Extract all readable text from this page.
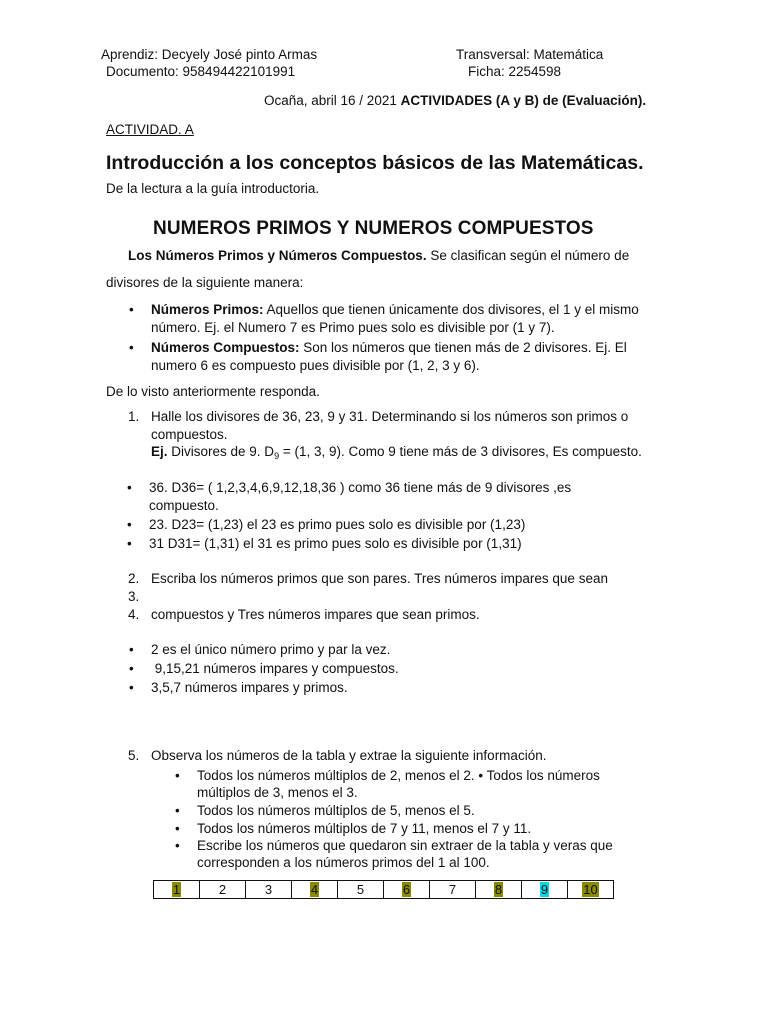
Aprendiz: Decyely José pinto Armas
Documento: 958494422101991
Transversal: Matemática
Ficha: 2254598
Ocaña, abril 16 / 2021 ACTIVIDADES (A y B) de (Evaluación).
ACTIVIDAD. A
Introducción a los conceptos básicos de las Matemáticas.
De la lectura a la guía introductoria.
NUMEROS PRIMOS Y NUMEROS COMPUESTOS
Los Números Primos y Números Compuestos. Se clasifican según el número de
divisores de la siguiente manera:
• Números Primos: Aquellos que tienen únicamente dos divisores, el 1 y el mismo
número. Ej. el Numero 7 es Primo pues solo es divisible por (1 y 7).
• Números Compuestos: Son los números que tienen más de 2 divisores. Ej. El
numero 6 es compuesto pues divisible por (1, 2, 3 y 6).
De lo visto anteriormente responda.
1. Halle los divisores de 36, 23, 9 y 31. Determinando si los números son primos o
compuestos.
Ej. Divisores de 9. $D_9 = (1$, 3, 9). Como 9 tiene más de 3 divisores, Es compuesto.
• 36. D36= ( 1,2,3,4,6,9,12,18,36 ) como 36 tiene más de 9 divisores ,es
compuesto.
• 23. D23= (1,23) el 23 es primo pues solo es divisible por (1,23)
• 31 D31= (1,31) el 31 es primo pues solo es divisible por (1,31)
2. Escriba los números primos que son pares. Tres números impares que sean
3.
4. compuestos y Tres números impares que sean primos.
• 2 es el único número primo y par la vez.
• 9,15,21 números impares y compuestos.
• 3,5,7 números impares y primos.
5. Observa los números de la tabla y extrae la siguiente información.
• Todos los números múltiplos de 2, menos el 2. • Todos los números
múltiplos de 3, menos el 3.
• Todos los números múltiplos de 5, menos el 5.
• Todos los números múltiplos de 7 y 11, menos el 7 y 11.
• Escribe los números que quedaron sin extraer de la tabla y veras que
corresponden a los números primos del 1 al 100.
1	2	3	4	5	6	7	8	9	10
